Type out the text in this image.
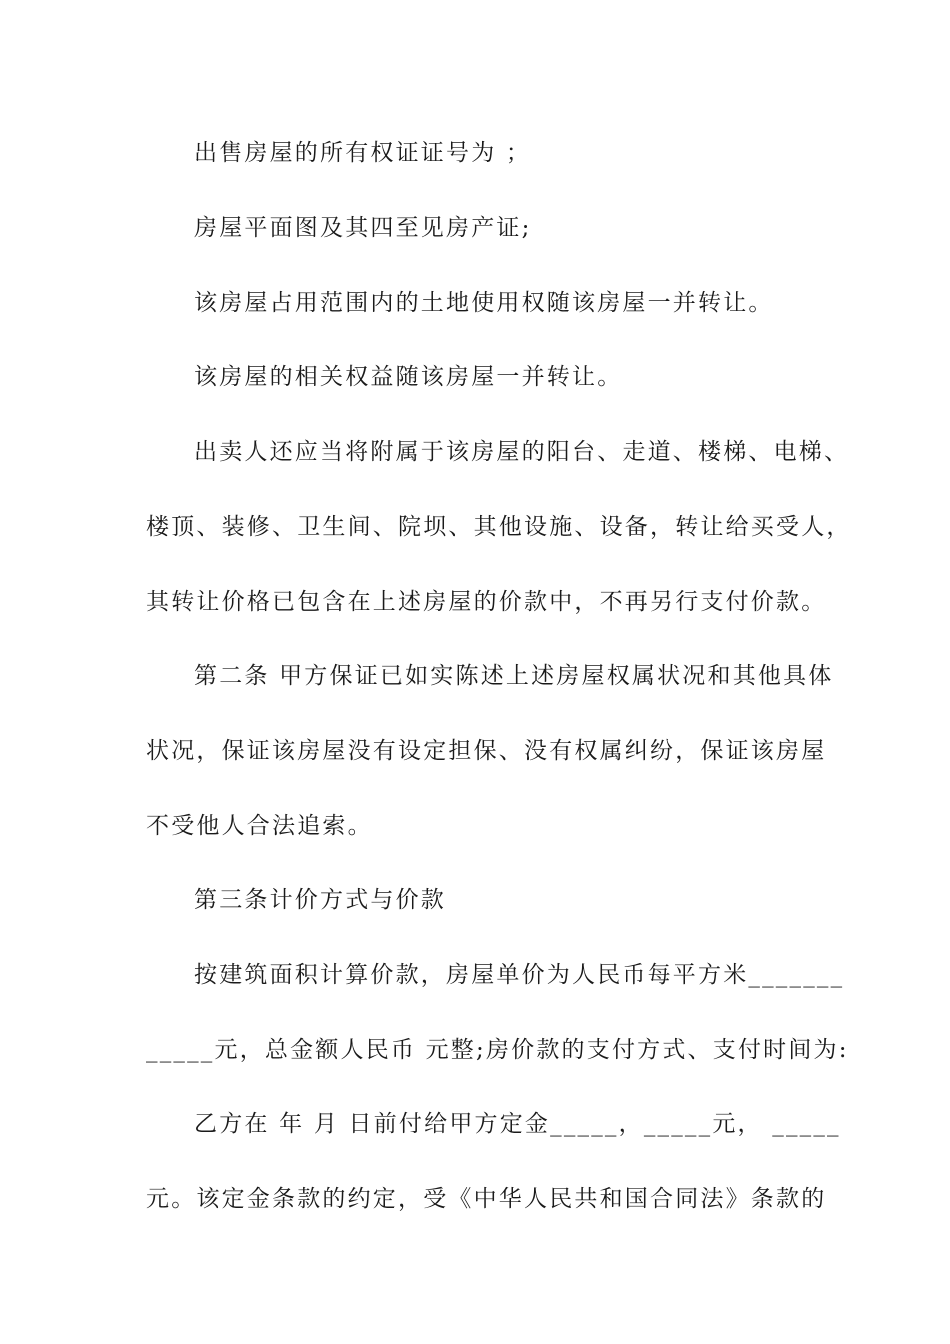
出售房屋的所有权证证号为 ；

房屋平面图及其四至见房产证;

该房屋占用范围内的土地使用权随该房屋一并转让。

该房屋的相关权益随该房屋一并转让。

出卖人还应当将附属于该房屋的阳台、走道、楼梯、电梯、

楼顶、装修、卫生间、院坝、其他设施、设备，转让给买受人，

其转让价格已包含在上述房屋的价款中，不再另行支付价款。

第二条 甲方保证已如实陈述上述房屋权属状况和其他具体

状况，保证该房屋没有设定担保、没有权属纠纷，保证该房屋

不受他人合法追索。

第三条计价方式与价款

按建筑面积计算价款，房屋单价为人民币每平方米_______

_____元，总金额人民币 元整;房价款的支付方式、支付时间为:

乙方在 年 月 日前付给甲方定金_____，_____元， _____

元。该定金条款的约定，受《中华人民共和国合同法》条款的
